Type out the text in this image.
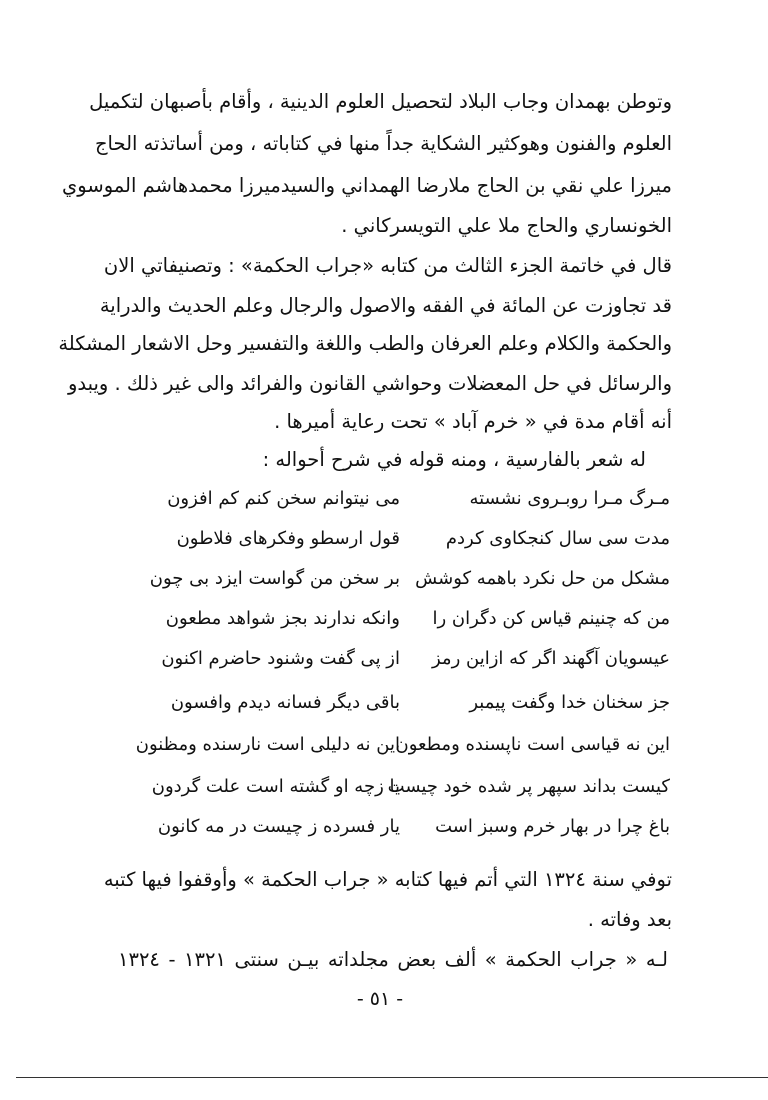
وتوطن بهمدان وجاب البلاد لتحصيل العلوم الدينية ، وأقام بأصبهان لتكميل
العلوم والفنون وهوكثير الشكاية جداً منها في كتاباته ، ومن أساتذته الحاج
ميرزا علي نقي بن الحاج ملارضا الهمداني والسيدميرزا محمدهاشم الموسوي
الخونساري والحاج ملا علي التويسركاني .
قال في خاتمة الجزء الثالث من كتابه «جراب الحكمة» : وتصنيفاتي الان
قد تجاوزت عن المائة في الفقه والاصول والرجال وعلم الحديث والدراية
والحكمة والكلام وعلم العرفان والطب واللغة والتفسير وحل الاشعار المشكلة
والرسائل في حل المعضلات وحواشي القانون والفرائد والى غير ذلك . ويبدو
أنه أقام مدة في « خرم آباد » تحت رعاية أميرها .
له شعر بالفارسية ، ومنه قوله في شرح أحواله :
مـرگ مـرا روبـروى نشسته
مى نيتوانم سخن كنم كم افزون
مدت سى سال كنجكاوى كردم
قول ارسطو وفكرهاى فلاطون
مشكل من حل نكرد باهمه كوشش
بر سخن من گواست ايزد بى چون
من كه چنينم قياس كن دگران را
وانكه ندارند بجز شواهد مطعون
عيسويان آگهند اگر كه ازاين رمز
از پى گفت وشنود حاضرم اكنون
جز سخنان خدا وگفت پيمبر
باقى ديگر فسانه ديدم وافسون
اين نه قياسى است ناپسنده ومطعون
اين نه دليلى است نارسنده ومظنون
كيست بداند سپهر پر شده خود چيست
يا زچه او گشته است علت گردون
باغ چرا در بهار خرم وسبز است
يار فسرده ز چيست در مه كانون
توفي سنة ١٣٢٤ التي أتم فيها كتابه « جراب الحكمة » وأوقفوا فيها كتبه
بعد وفاته .
لـه « جراب الحكمة » ألف بعض مجلداته بيـن سنتى ١٣٢١ - ١٣٢٤
- ٥١ -
